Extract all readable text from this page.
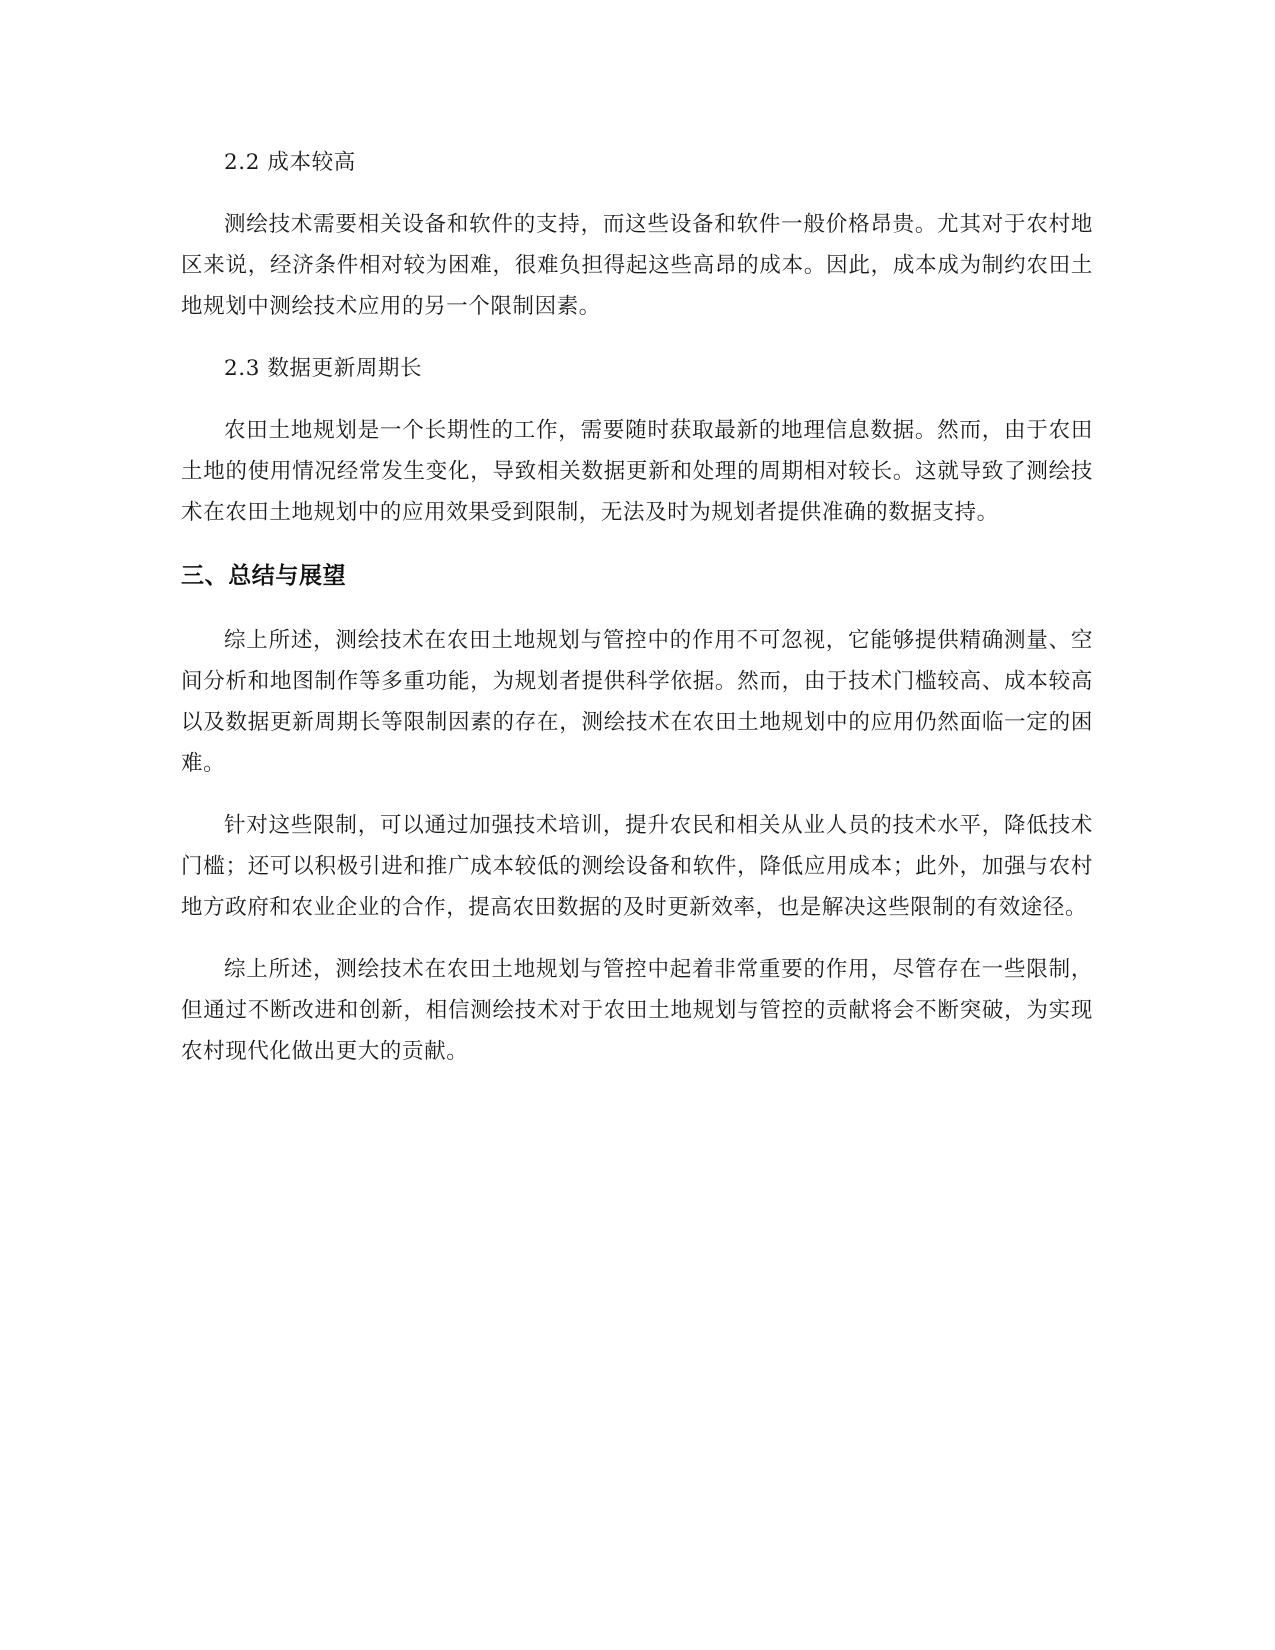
2.2 成本较高

测绘技术需要相关设备和软件的支持，而这些设备和软件一般价格昂贵。尤其对于农村地区来说，经济条件相对较为困难，很难负担得起这些高昂的成本。因此，成本成为制约农田土地规划中测绘技术应用的另一个限制因素。

2.3 数据更新周期长

农田土地规划是一个长期性的工作，需要随时获取最新的地理信息数据。然而，由于农田土地的使用情况经常发生变化，导致相关数据更新和处理的周期相对较长。这就导致了测绘技术在农田土地规划中的应用效果受到限制，无法及时为规划者提供准确的数据支持。

三、总结与展望

综上所述，测绘技术在农田土地规划与管控中的作用不可忽视，它能够提供精确测量、空间分析和地图制作等多重功能，为规划者提供科学依据。然而，由于技术门槛较高、成本较高以及数据更新周期长等限制因素的存在，测绘技术在农田土地规划中的应用仍然面临一定的困难。

针对这些限制，可以通过加强技术培训，提升农民和相关从业人员的技术水平，降低技术门槛；还可以积极引进和推广成本较低的测绘设备和软件，降低应用成本；此外，加强与农村地方政府和农业企业的合作，提高农田数据的及时更新效率，也是解决这些限制的有效途径。

综上所述，测绘技术在农田土地规划与管控中起着非常重要的作用，尽管存在一些限制，但通过不断改进和创新，相信测绘技术对于农田土地规划与管控的贡献将会不断突破，为实现农村现代化做出更大的贡献。
